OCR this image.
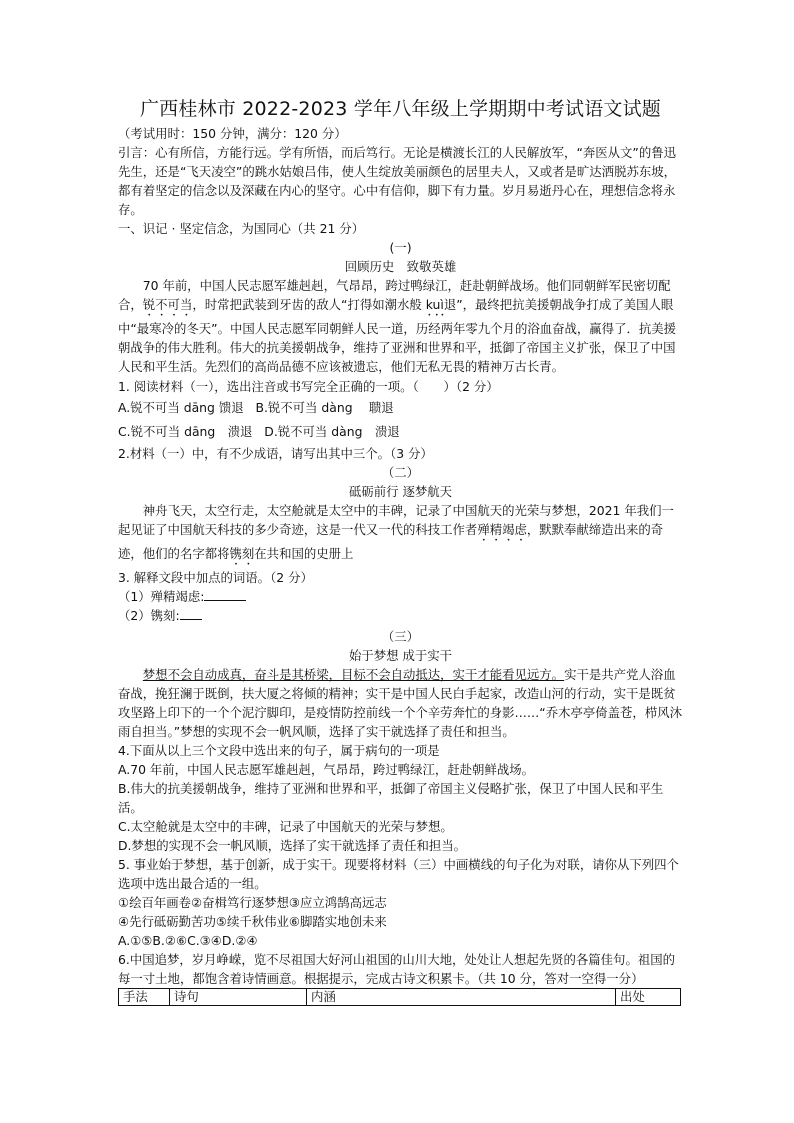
广西桂林市 2022-2023 学年八年级上学期期中考试语文试题

（考试用时：150 分钟，满分：120 分）

引言：心有所信，方能行远。学有所悟，而后笃行。无论是横渡长江的人民解放军，“奔医从文”的鲁迅先生，还是“飞天凌空”的跳水姑娘吕伟，使人生绽放美丽颜色的居里夫人，又或者是旷达洒脱苏东坡，都有着坚定的信念以及深藏在内心的坚守。心中有信仰，脚下有力量。岁月易逝丹心在，理想信念将永存。

一、识记 · 坚定信念，为国同心（共 21 分）

(一)

回顾历史　致敬英雄

70 年前，中国人民志愿军雄赳赳，气昂昂，跨过鸭绿江，赶赴朝鲜战场。他们同朝鲜军民密切配合，锐不可当，时常把武装到牙齿的敌人“打得如潮水般 kuì退”，最终把抗美援朝战争打成了美国人眼中“最寒冷的冬天”。中国人民志愿军同朝鲜人民一道，历经两年零九个月的浴血奋战，赢得了．抗美援朝战争的伟大胜利。伟大的抗美援朝战争，维持了亚洲和世界和平，抵御了帝国主义扩张，保卫了中国人民和平生活。先烈们的高尚品德不应该被遗忘，他们无私无畏的精神万古长青。

1. 阅读材料（一），选出注音或书写完全正确的一项。（　　）（2 分）

A.锐不可当 dāng 馈退 B.锐不可当 dàng　 聩退
C.锐不可当 dāng　溃退 D.锐不可当 dàng　溃退

2.材料（一）中，有不少成语，请写出其中三个。（3 分）

（二）

砥砺前行 逐梦航天

神舟飞天，太空行走，太空舱就是太空中的丰碑，记录了中国航天的光荣与梦想，2021 年我们一起见证了中国航天科技的多少奇迹，这是一代又一代的科技工作者殚精竭虑，默默奉献缔造出来的奇迹，他们的名字都将镌刻在共和国的史册上

3. 解释文段中加点的词语。（2 分）

（1）殚精竭虑:

（2）镌刻:

（三）

始于梦想 成于实干

梦想不会自动成真，奋斗是其桥梁，目标不会自动抵达，实干才能看见远方。实干是共产党人浴血奋战，挽狂澜于既倒，扶大厦之将倾的精神；实干是中国人民白手起家，改造山河的行动，实干是既贫攻坚路上印下的一个个泥泞脚印，是疫情防控前线一个个辛劳奔忙的身影……“乔木亭亭倚盖苍，栉风沐雨自担当。”梦想的实现不会一帆风顺，选择了实干就选择了责任和担当。

4.下面从以上三个文段中选出来的句子，属于病句的一项是

A.70 年前，中国人民志愿军雄赳赳，气昂昂，跨过鸭绿江，赶赴朝鲜战场。

B.伟大的抗美援朝战争，维持了亚洲和世界和平，抵御了帝国主义侵略扩张，保卫了中国人民和平生活。

C.太空舱就是太空中的丰碑，记录了中国航天的光荣与梦想。

D.梦想的实现不会一帆风顺，选择了实干就选择了责任和担当。

5. 事业始于梦想，基于创新，成于实干。现要将材料（三）中画横线的句子化为对联，请你从下列四个选项中选出最合适的一组。

①绘百年画卷②奋楫笃行逐梦想③应立鸿鹄高远志

④先行砥砺勤苦功⑤续千秋伟业⑥脚踏实地创未来

A.①⑤B.②⑥C.③④D.②④

6.中国追梦，岁月峥嵘，览不尽祖国大好河山祖国的山川大地，处处让人想起先贤的各篇佳句。祖国的每一寸土地，都饱含着诗情画意。根据提示，完成古诗文积累卡。（共 10 分，答对一空得一分）

手法	诗句	内涵	出处
